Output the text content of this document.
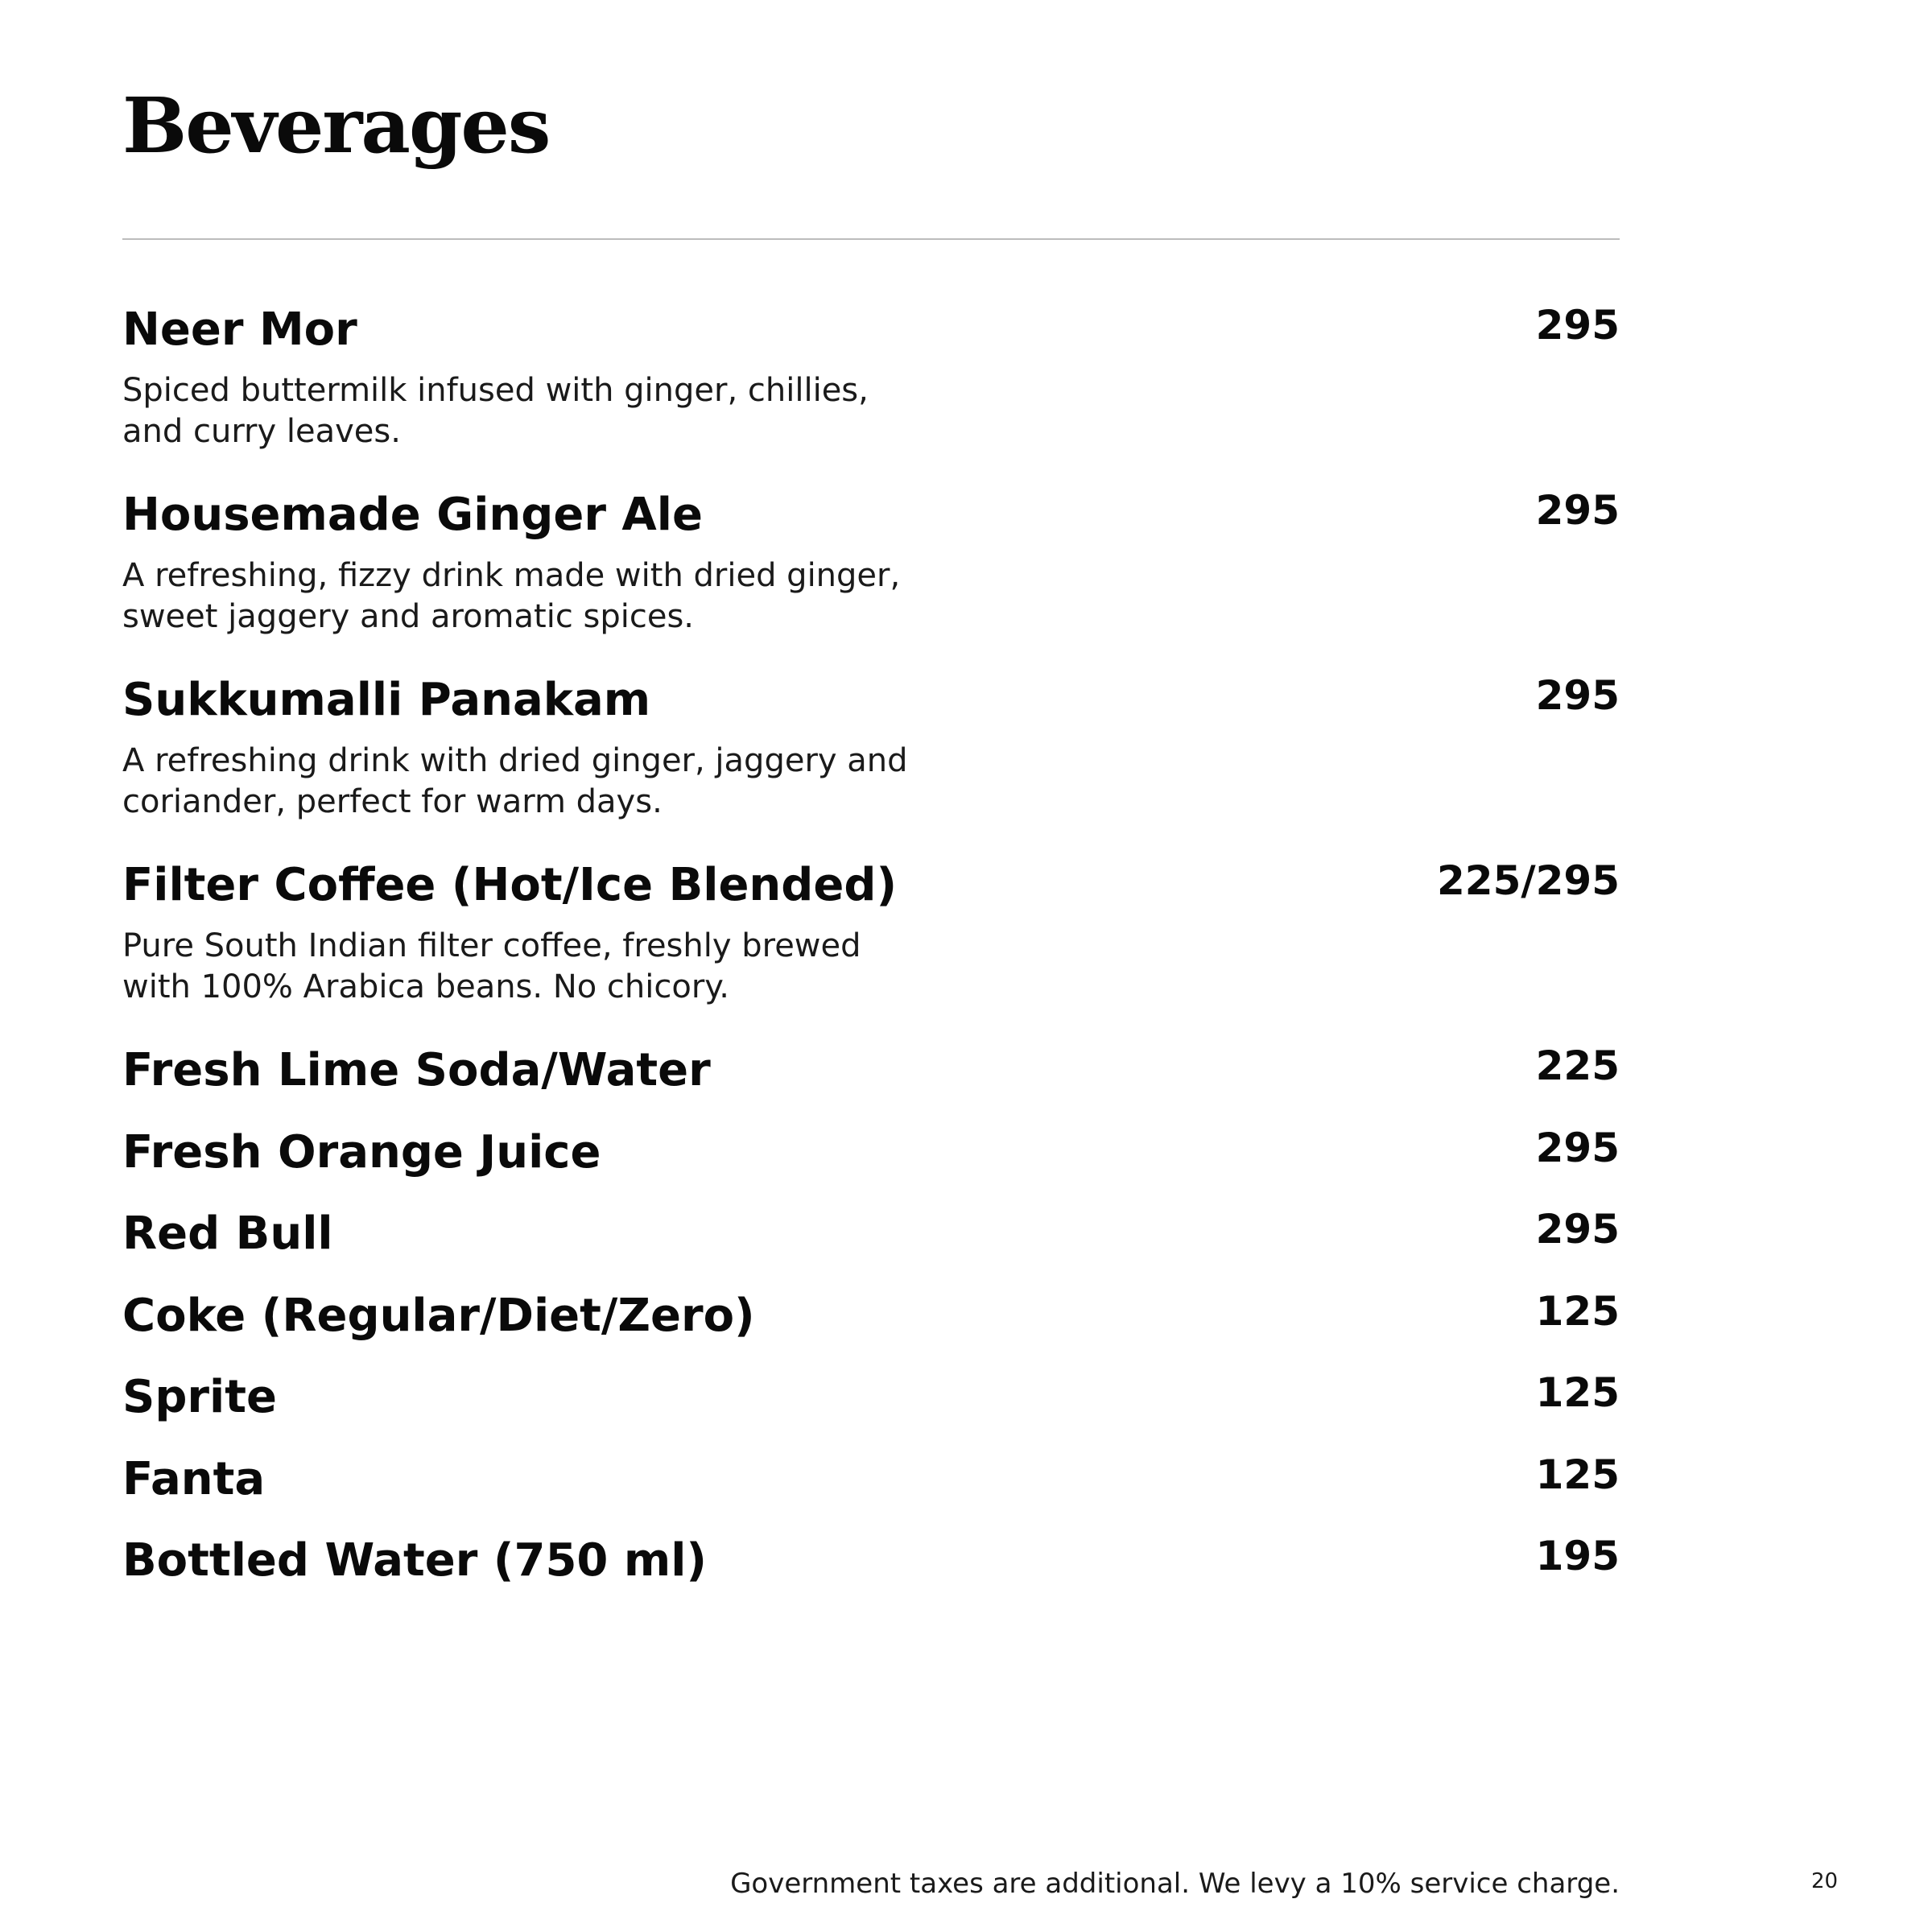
Beverages
Neer Mor	295

Spiced buttermilk infused with ginger, chillies,
and curry leaves.

Housemade Ginger Ale	295

A refreshing, fizzy drink made with dried ginger,
sweet jaggery and aromatic spices.

Sukkumalli Panakam	295

A refreshing drink with dried ginger, jaggery and
coriander, perfect for warm days.

Filter Coffee (Hot/Ice Blended)	225/295

Pure South Indian filter coffee, freshly brewed
with 100% Arabica beans. No chicory.

Fresh Lime Soda/Water	225
Fresh Orange Juice	295
Red Bull	295
Coke (Regular/Diet/Zero)	125
Sprite	125
Fanta	125
Bottled Water (750 ml)	195
Government taxes are additional. We levy a 10% service charge.	20
